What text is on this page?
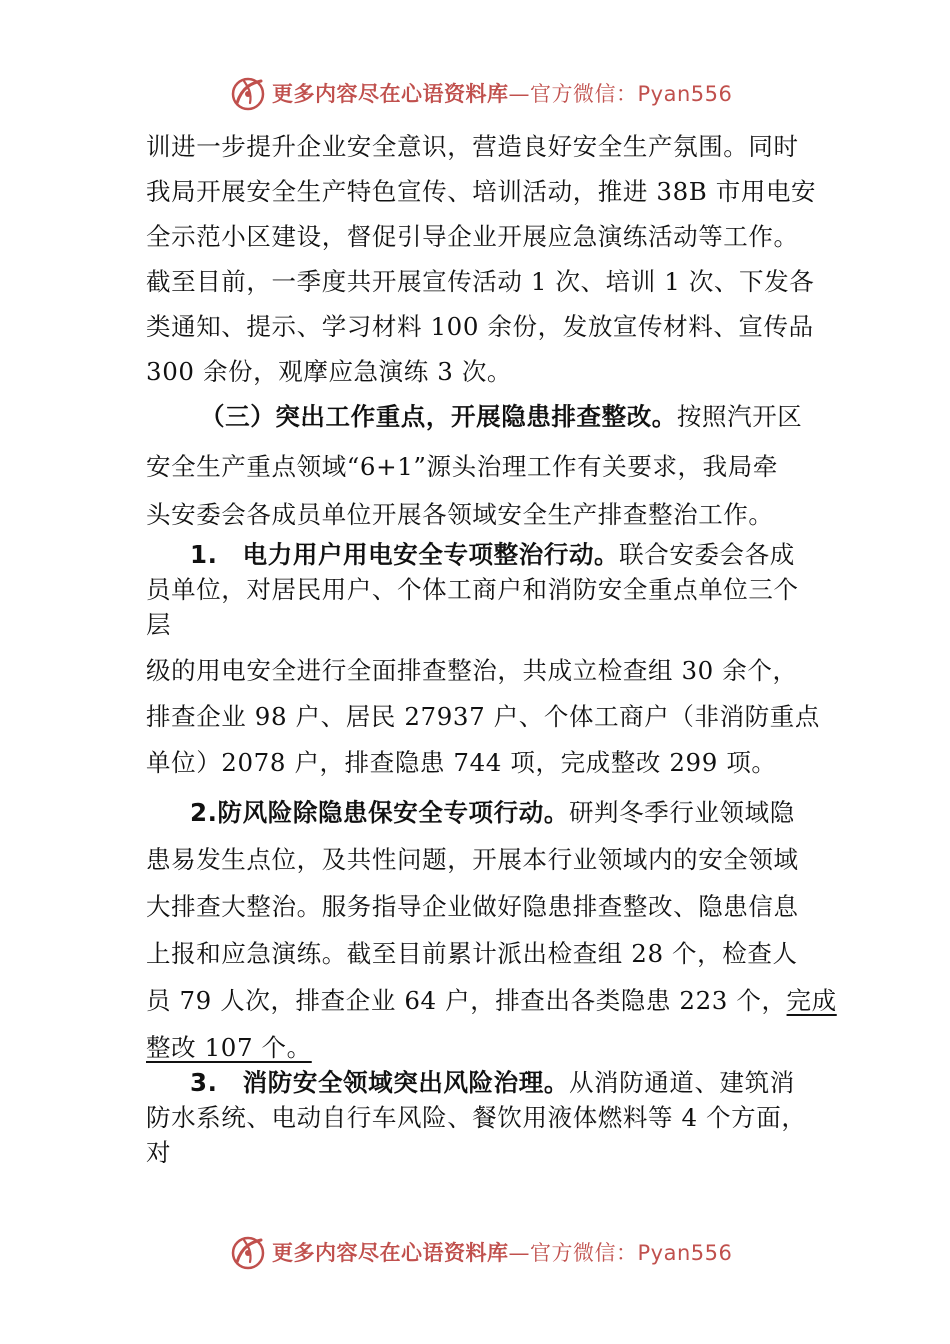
更多内容尽在心语资料库—官方微信：Pyan556
训进一步提升企业安全意识，营造良好安全生产氛围。同时
我局开展安全生产特色宣传、培训活动，推进 38B 市用电安
全示范小区建设，督促引导企业开展应急演练活动等工作。
截至目前，一季度共开展宣传活动 1 次、培训 1 次、下发各
类通知、提示、学习材料 100 余份，发放宣传材料、宣传品
300 余份，观摩应急演练 3 次。
（三）突出工作重点，开展隐患排查整改。按照汽开区
安全生产重点领域“6+1”源头治理工作有关要求，我局牵
头安委会各成员单位开展各领域安全生产排查整治工作。
1.　电力用户用电安全专项整治行动。联合安委会各成
员单位，对居民用户、个体工商户和消防安全重点单位三个
层
级的用电安全进行全面排查整治，共成立检查组 30 余个，
排查企业 98 户、居民 27937 户、个体工商户（非消防重点
单位）2078 户，排查隐患 744 项，完成整改 299 项。
2.防风险除隐患保安全专项行动。研判冬季行业领域隐
患易发生点位，及共性问题，开展本行业领域内的安全领域
大排查大整治。服务指导企业做好隐患排查整改、隐患信息
上报和应急演练。截至目前累计派出检查组 28 个，检查人
员 79 人次，排查企业 64 户，排查出各类隐患 223 个，完成
整改 107 个。
3.　消防安全领域突出风险治理。从消防通道、建筑消
防水系统、电动自行车风险、餐饮用液体燃料等 4 个方面，
对
更多内容尽在心语资料库—官方微信：Pyan556
